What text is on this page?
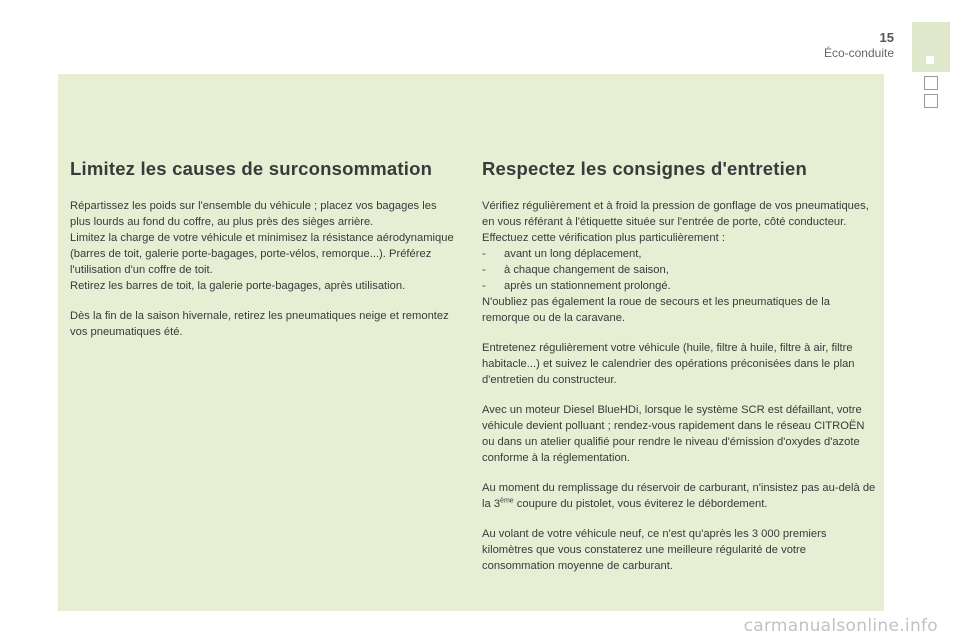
15
Éco-conduite
Limitez les causes de surconsommation

Répartissez les poids sur l'ensemble du véhicule ; placez vos bagages les plus lourds au fond du coffre, au plus près des sièges arrière.
Limitez la charge de votre véhicule et minimisez la résistance aérodynamique (barres de toit, galerie porte-bagages, porte-vélos, remorque...). Préférez l'utilisation d'un coffre de toit.
Retirez les barres de toit, la galerie porte-bagages, après utilisation.

Dès la fin de la saison hivernale, retirez les pneumatiques neige et remontez vos pneumatiques été.

Respectez les consignes d'entretien

Vérifiez régulièrement et à froid la pression de gonflage de vos pneumatiques, en vous référant à l'étiquette située sur l'entrée de porte, côté conducteur.
Effectuez cette vérification plus particulièrement :
- avant un long déplacement,
- à chaque changement de saison,
- après un stationnement prolongé.
N'oubliez pas également la roue de secours et les pneumatiques de la remorque ou de la caravane.

Entretenez régulièrement votre véhicule (huile, filtre à huile, filtre à air, filtre habitacle...) et suivez le calendrier des opérations préconisées dans le plan d'entretien du constructeur.

Avec un moteur Diesel BlueHDi, lorsque le système SCR est défaillant, votre véhicule devient polluant ; rendez-vous rapidement dans le réseau CITROËN ou dans un atelier qualifié pour rendre le niveau d'émission d'oxydes d'azote conforme à la réglementation.

Au moment du remplissage du réservoir de carburant, n'insistez pas au-delà de la 3ème coupure du pistolet, vous éviterez le débordement.

Au volant de votre véhicule neuf, ce n'est qu'après les 3 000 premiers kilomètres que vous constaterez une meilleure régularité de votre consommation moyenne de carburant.

carmanualsonline.info
